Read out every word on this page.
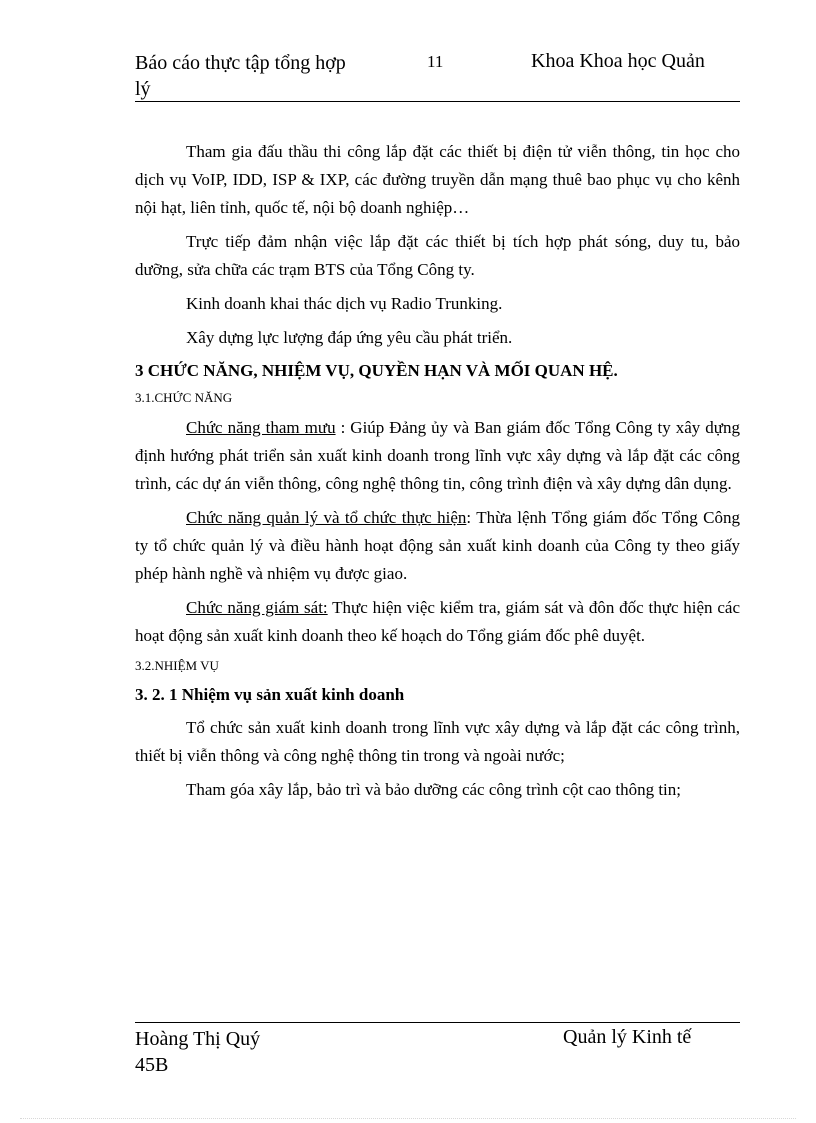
Báo cáo thực tập tổng hợp
lý
11	Khoa Khoa học Quản

Tham gia đấu thầu thi công lắp đặt các thiết bị điện tử viễn thông, tin học cho dịch vụ VoIP, IDD, ISP & IXP, các đường truyền dẫn mạng thuê bao phục vụ cho kênh nội hạt, liên tỉnh, quốc tế, nội bộ doanh nghiệp…

Trực tiếp đảm nhận việc lắp đặt các thiết bị tích hợp phát sóng, duy tu, bảo dưỡng, sửa chữa các trạm BTS của Tổng Công ty.

Kinh doanh khai thác dịch vụ Radio Trunking.

Xây dựng lực lượng đáp ứng yêu cầu phát triển.

3 CHỨC NĂNG, NHIỆM VỤ, QUYỀN HẠN VÀ MỐI QUAN HỆ.
3.1.CHỨC NĂNG

Chức năng tham mưu : Giúp Đảng ủy và Ban giám đốc Tổng Công ty xây dựng định hướng phát triển sản xuất kinh doanh trong lĩnh vực xây dựng và lắp đặt các công trình, các dự án viễn thông, công nghệ thông tin, công trình điện và xây dựng dân dụng.

Chức năng quản lý và tổ chức thực hiện: Thừa lệnh Tổng giám đốc Tổng Công ty tổ chức quản lý và điều hành hoạt động sản xuất kinh doanh của Công ty theo giấy phép hành nghề và nhiệm vụ được giao.

Chức năng giám sát: Thực hiện việc kiểm tra, giám sát và đôn đốc thực hiện các hoạt động sản xuất kinh doanh theo kế hoạch do Tổng giám đốc phê duyệt.

3.2.NHIỆM VỤ
3. 2. 1 Nhiệm vụ sản xuất kinh doanh

Tổ chức sản xuất kinh doanh trong lĩnh vực xây dựng và lắp đặt các công trình, thiết bị viễn thông và công nghệ thông tin trong và ngoài nước;

Tham góa xây lắp, bảo trì và bảo dưỡng các công trình cột cao thông tin;

Hoàng Thị Quý
45B
Quản lý Kinh tế
